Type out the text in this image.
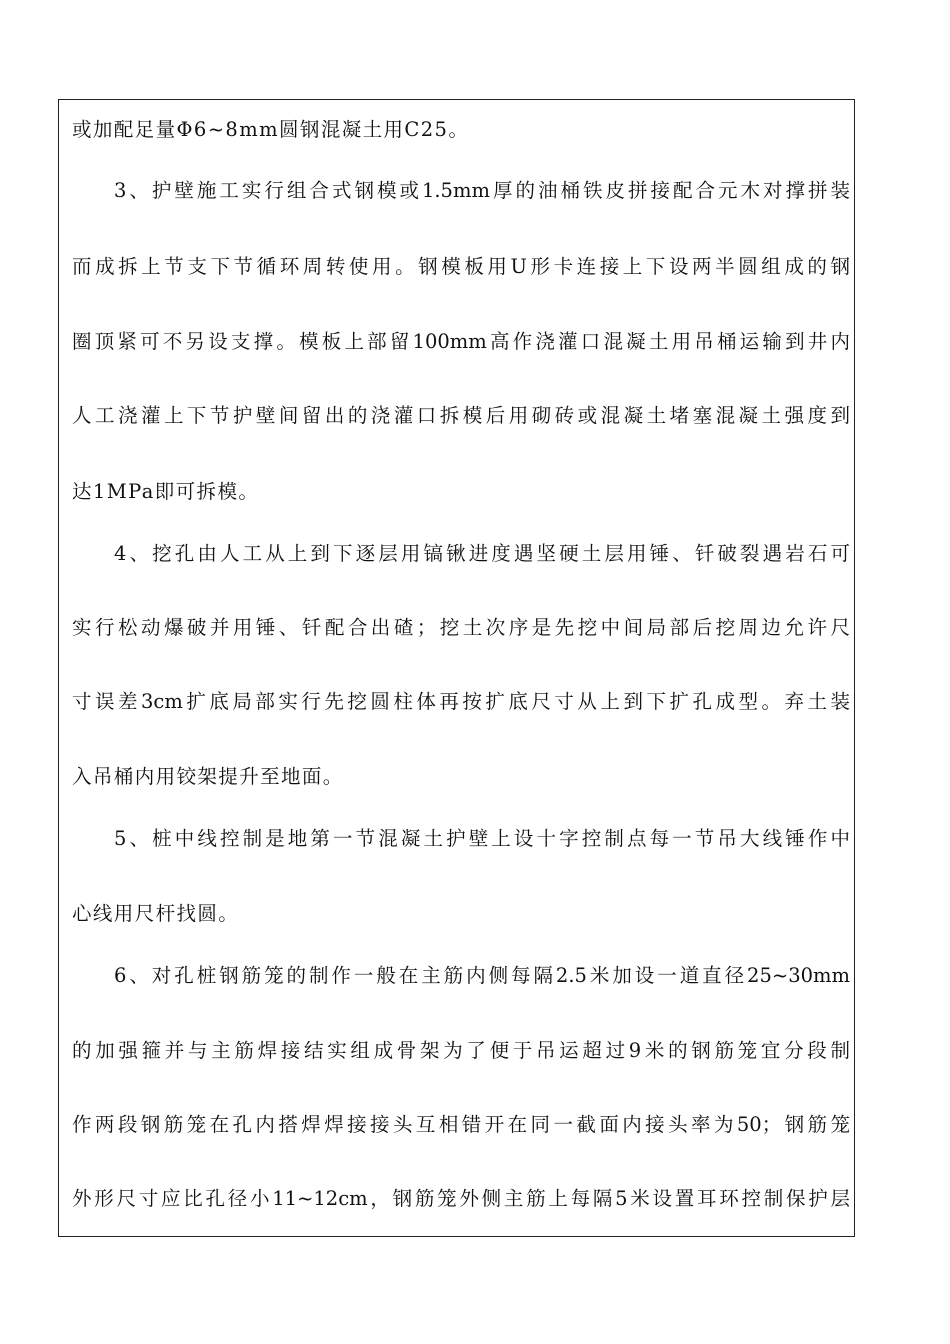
或加配足量Φ6~8mm圆钢混凝土用C25。
3、护壁施工实行组合式钢模或1.5mm厚的油桶铁皮拼接配合元木对撑拼装
而成拆上节支下节循环周转使用。钢模板用U形卡连接上下设两半圆组成的钢
圈顶紧可不另设支撑。模板上部留100mm高作浇灌口混凝土用吊桶运输到井内
人工浇灌上下节护壁间留出的浇灌口拆模后用砌砖或混凝土堵塞混凝土强度到
达1MPa即可拆模。
4、挖孔由人工从上到下逐层用镐锹进度遇坚硬土层用锤、钎破裂遇岩石可
实行松动爆破并用锤、钎配合出碴；挖土次序是先挖中间局部后挖周边允许尺
寸误差3cm扩底局部实行先挖圆柱体再按扩底尺寸从上到下扩孔成型。弃土装
入吊桶内用铰架提升至地面。
5、桩中线控制是地第一节混凝土护壁上设十字控制点每一节吊大线锤作中
心线用尺杆找圆。
6、对孔桩钢筋笼的制作一般在主筋内侧每隔2.5米加设一道直径25~30mm
的加强箍并与主筋焊接结实组成骨架为了便于吊运超过9米的钢筋笼宜分段制
作两段钢筋笼在孔内搭焊焊接接头互相错开在同一截面内接头率为50；钢筋笼
外形尺寸应比孔径小11~12cm，钢筋笼外侧主筋上每隔5米设置耳环控制保护层
